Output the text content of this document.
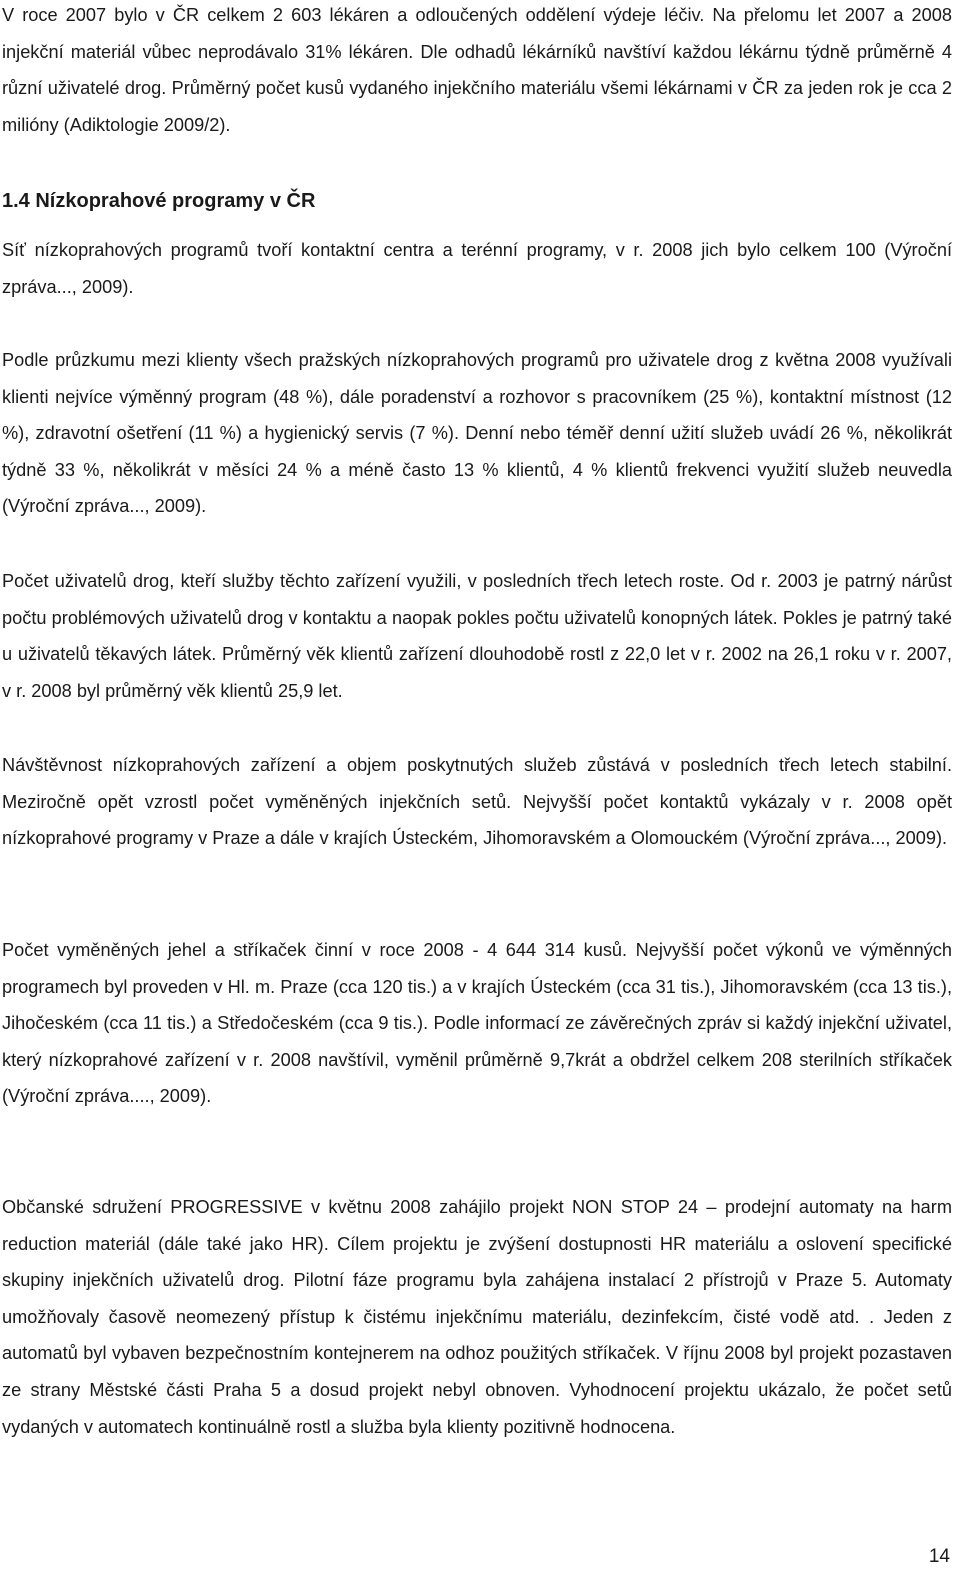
V roce 2007 bylo v ČR celkem 2 603 lékáren a odloučených oddělení výdeje léčiv. Na přelomu let 2007 a 2008 injekční materiál vůbec neprodávalo 31% lékáren. Dle odhadů lékárníků navštíví každou lékárnu týdně průměrně 4 různí uživatelé drog. Průměrný počet kusů vydaného injekčního materiálu všemi lékárnami v ČR za jeden rok je cca 2 milióny (Adiktologie 2009/2).

1.4 Nízkoprahové programy v ČR

Síť nízkoprahových programů tvoří kontaktní centra a terénní programy, v r. 2008 jich bylo celkem 100 (Výroční zpráva..., 2009).

Podle průzkumu mezi klienty všech pražských nízkoprahových programů pro uživatele drog z května 2008 využívali klienti nejvíce výměnný program (48 %), dále poradenství a rozhovor s pracovníkem (25 %), kontaktní místnost (12 %), zdravotní ošetření (11 %) a hygienický servis (7 %). Denní nebo téměř denní užití služeb uvádí 26 %, několikrát týdně 33 %, několikrát v měsíci 24 % a méně často 13 % klientů, 4 % klientů frekvenci využití služeb neuvedla (Výroční zpráva..., 2009).

Počet uživatelů drog, kteří služby těchto zařízení využili, v posledních třech letech roste. Od r. 2003 je patrný nárůst počtu problémových uživatelů drog v kontaktu a naopak pokles počtu uživatelů konopných látek. Pokles je patrný také u uživatelů těkavých látek. Průměrný věk klientů zařízení dlouhodobě rostl z 22,0 let v r. 2002 na 26,1 roku v r. 2007, v r. 2008 byl průměrný věk klientů 25,9 let.

Návštěvnost nízkoprahových zařízení a objem poskytnutých služeb zůstává v posledních třech letech stabilní. Meziročně opět vzrostl počet vyměněných injekčních setů. Nejvyšší počet kontaktů vykázaly v r. 2008 opět nízkoprahové programy v Praze a dále v krajích Ústeckém, Jihomoravském a Olomouckém (Výroční zpráva..., 2009).

Počet vyměněných jehel a stříkaček činní v roce 2008 - 4 644 314 kusů. Nejvyšší počet výkonů ve výměnných programech byl proveden v Hl. m. Praze (cca 120 tis.) a v krajích Ústeckém (cca 31 tis.), Jihomoravském (cca 13 tis.), Jihočeském (cca 11 tis.) a Středočeském (cca 9 tis.). Podle informací ze závěrečných zpráv si každý injekční uživatel, který nízkoprahové zařízení v r. 2008 navštívil, vyměnil průměrně 9,7krát a obdržel celkem 208 sterilních stříkaček (Výroční zpráva...., 2009).

Občanské sdružení PROGRESSIVE v květnu 2008 zahájilo projekt NON STOP 24 – prodejní automaty na harm reduction materiál (dále také jako HR). Cílem projektu je zvýšení dostupnosti HR materiálu a oslovení specifické skupiny injekčních uživatelů drog. Pilotní fáze programu byla zahájena instalací 2 přístrojů v Praze 5. Automaty umožňovaly časově neomezený přístup k čistému injekčnímu materiálu, dezinfekcím, čisté vodě atd. . Jeden z automatů byl vybaven bezpečnostním kontejnerem na odhoz použitých stříkaček. V říjnu 2008 byl projekt pozastaven ze strany Městské části Praha 5 a dosud projekt nebyl obnoven. Vyhodnocení projektu ukázalo, že počet setů vydaných v automatech kontinuálně rostl a služba byla klienty pozitivně hodnocena.

14
